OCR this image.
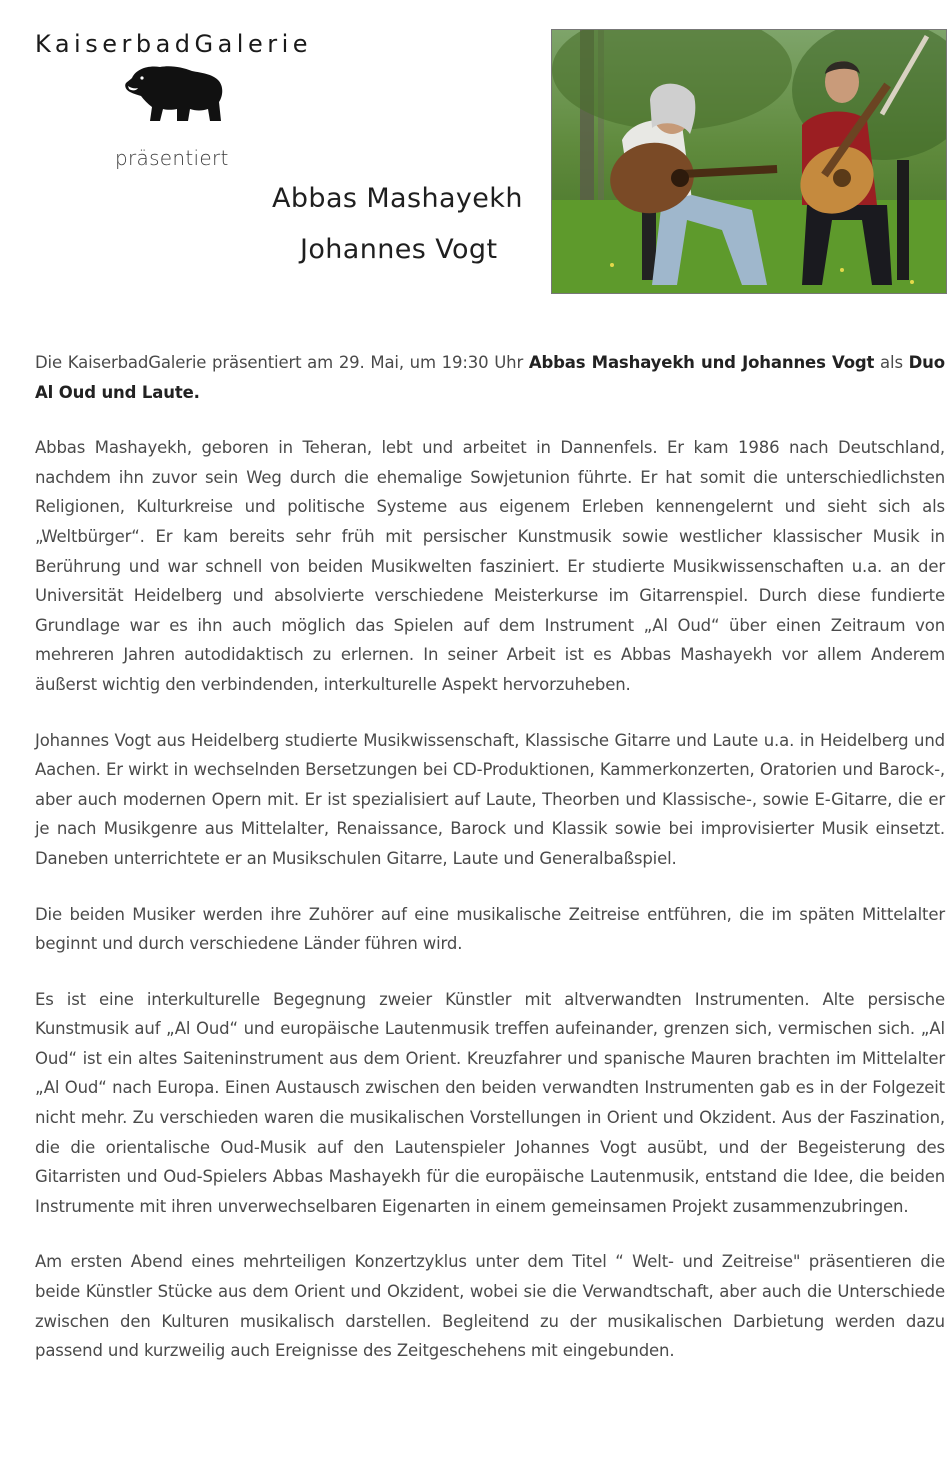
KaiserbadGalerie
präsentiert
Abbas Mashayekh
Johannes Vogt

Die KaiserbadGalerie präsentiert am 29. Mai, um 19:30 Uhr Abbas Mashayekh und Johannes Vogt als Duo Al Oud und Laute.

Abbas Mashayekh, geboren in Teheran, lebt und arbeitet in Dannenfels. Er kam 1986 nach Deutschland, nachdem ihn zuvor sein Weg durch die ehemalige Sowjetunion führte. Er hat somit die unterschiedlichsten Religionen, Kulturkreise und politische Systeme aus eigenem Erleben kennengelernt und sieht sich als „Weltbürger“. Er kam bereits sehr früh mit persischer Kunstmusik sowie westlicher klassischer Musik in Berührung und war schnell von beiden Musikwelten fasziniert. Er studierte Musikwissenschaften u.a. an der Universität Heidelberg und absolvierte verschiedene Meisterkurse im Gitarrenspiel. Durch diese fundierte Grundlage war es ihn auch möglich das Spielen auf dem Instrument „Al Oud“ über einen Zeitraum von mehreren Jahren autodidaktisch zu erlernen. In seiner Arbeit ist es Abbas Mashayekh vor allem Anderem äußerst wichtig den verbindenden, interkulturelle Aspekt hervorzuheben.

Johannes Vogt aus Heidelberg studierte Musikwissenschaft, Klassische Gitarre und Laute u.a. in Heidelberg und Aachen. Er wirkt in wechselnden Bersetzungen bei CD-Produktionen, Kammerkonzerten, Oratorien und Barock-, aber auch modernen Opern mit. Er ist spezialisiert auf Laute, Theorben und Klassische-, sowie E-Gitarre, die er je nach Musikgenre aus Mittelalter, Renaissance, Barock und Klassik sowie bei improvisierter Musik einsetzt. Daneben unterrichtete er an Musikschulen Gitarre, Laute und Generalbaßspiel.

Die beiden Musiker werden ihre Zuhörer auf eine musikalische Zeitreise entführen, die im späten Mittelalter beginnt und durch verschiedene Länder führen wird.

Es ist eine interkulturelle Begegnung zweier Künstler mit altverwandten Instrumenten. Alte persische Kunstmusik auf „Al Oud“ und europäische Lautenmusik treffen aufeinander, grenzen sich, vermischen sich. „Al Oud“ ist ein altes Saiteninstrument aus dem Orient. Kreuzfahrer und spanische Mauren brachten im Mittelalter „Al Oud“ nach Europa. Einen Austausch zwischen den beiden verwandten Instrumenten gab es in der Folgezeit nicht mehr. Zu verschieden waren die musikalischen Vorstellungen in Orient und Okzident. Aus der Faszination, die die orientalische Oud-Musik auf den Lautenspieler Johannes Vogt ausübt, und der Begeisterung des Gitarristen und Oud-Spielers Abbas Mashayekh für die europäische Lautenmusik, entstand die Idee, die beiden Instrumente mit ihren unverwechselbaren Eigenarten in einem gemeinsamen Projekt zusammenzubringen.

Am ersten Abend eines mehrteiligen Konzertzyklus unter dem Titel “ Welt- und Zeitreise" präsentieren die beide Künstler Stücke aus dem Orient und Okzident, wobei sie die Verwandtschaft, aber auch die Unterschiede zwischen den Kulturen musikalisch darstellen. Begleitend zu der musikalischen Darbietung werden dazu passend und kurzweilig auch Ereignisse des Zeitgeschehens mit eingebunden.
